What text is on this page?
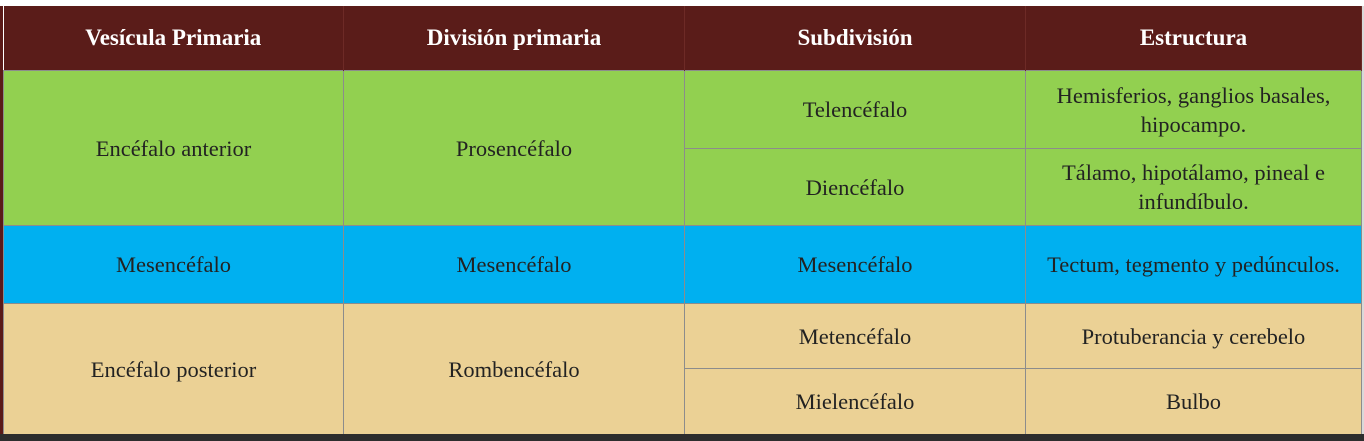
Vesícula Primaria	División primaria	Subdivisión	Estructura
Encéfalo anterior	Prosencéfalo	Telencéfalo	Hemisferios, ganglios basales, hipocampo.
		Diencéfalo	Tálamo, hipotálamo, pineal e infundíbulo.
Mesencéfalo	Mesencéfalo	Mesencéfalo	Tectum, tegmento y pedúnculos.
Encéfalo posterior	Rombencéfalo	Metencéfalo	Protuberancia y cerebelo
		Mielencéfalo	Bulbo
